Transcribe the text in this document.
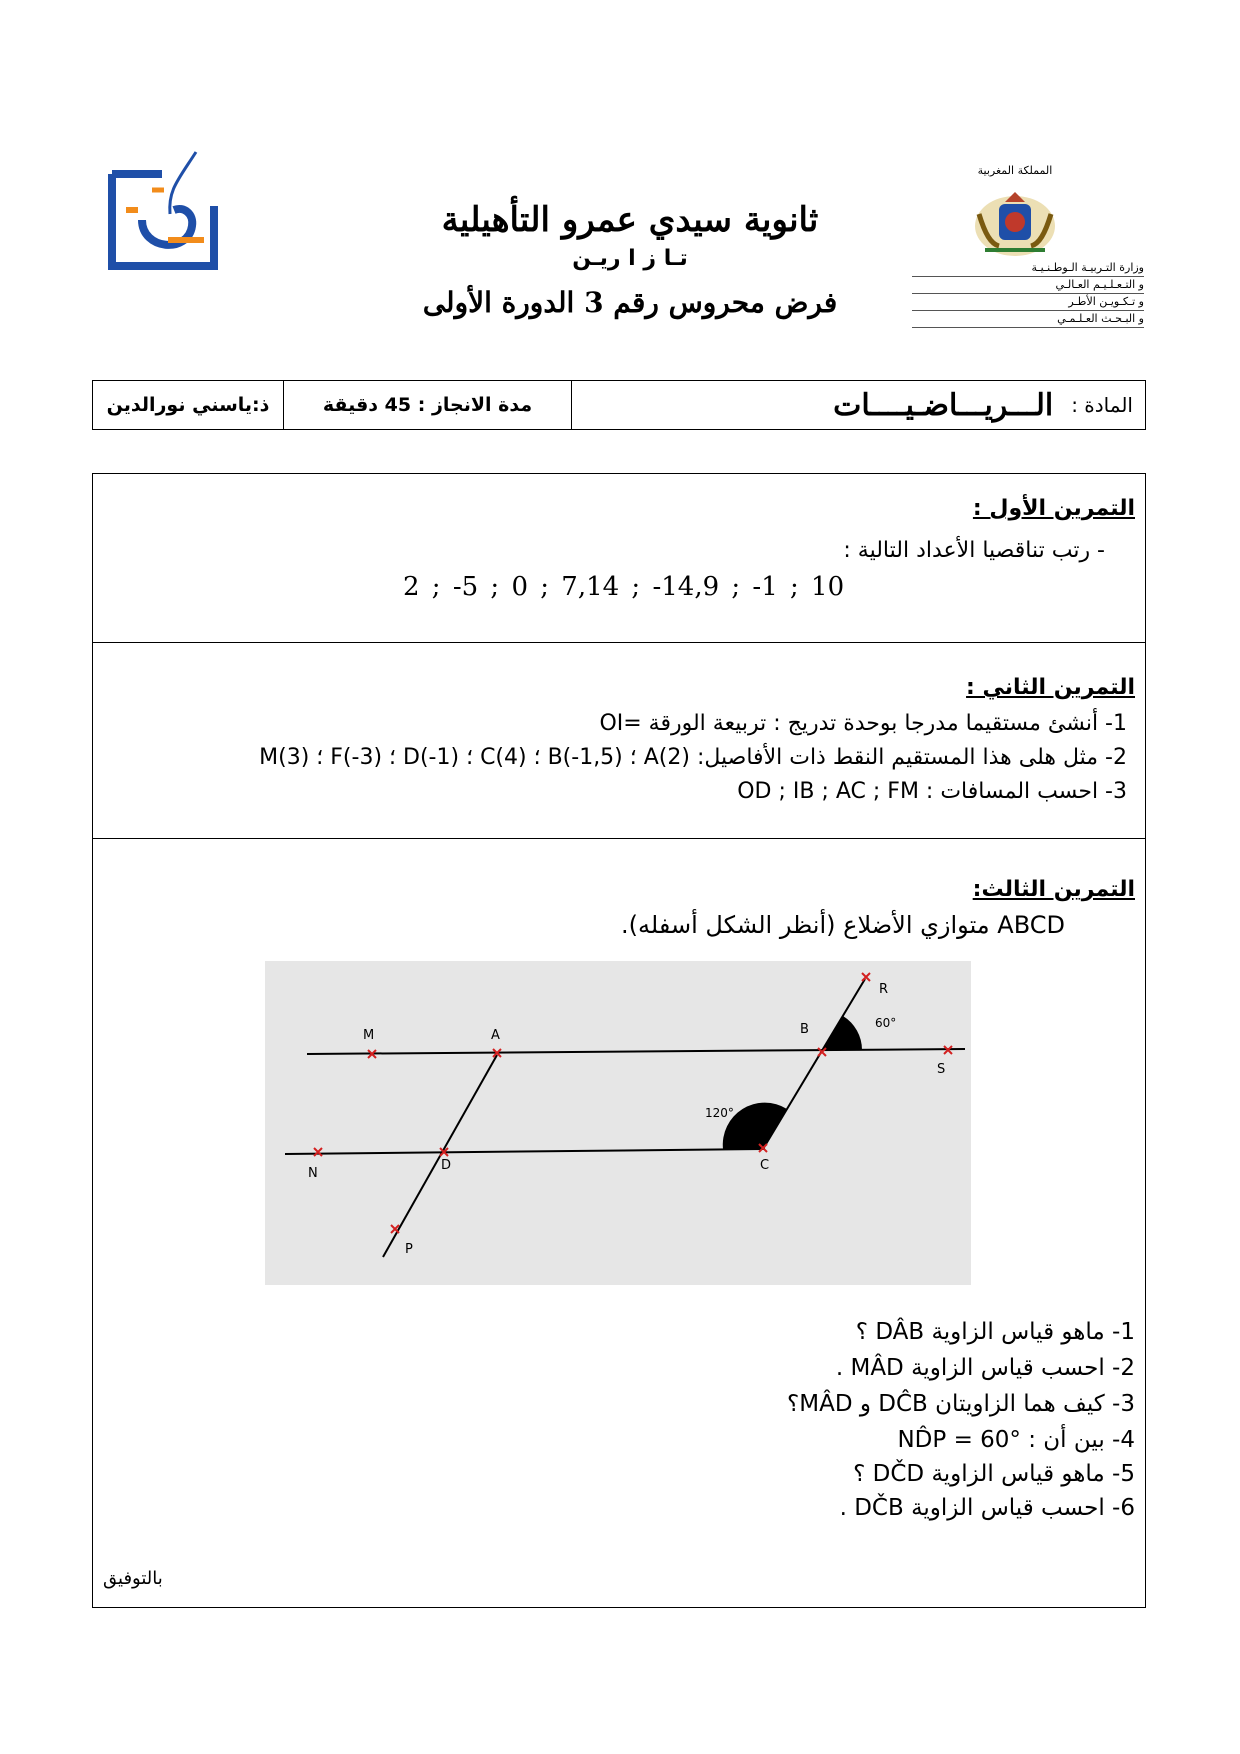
ثانوية سيدي عمرو التأهيلية
تـا ز ا ريـن
فرض محروس رقم 3 الدورة الأولى
المملكة المغربية
وزارة التـربيـة الـوطـنـيـة
و التـعـلـيـم العـالـي
و تـكـويـن الأطـر
و البـحـث العـلـمـي
ذ:ياسني نورالدين	مدة الانجاز : 45 دقيقة	المادة :
الـــريـــاضـيــــات
التمرين الأول :
- رتب تناقصيا الأعداد التالية :
2 ; -5 ; 0 ; 7,14 ; -14,9 ; -1 ; 10
التمرين الثاني :
1- أنشئ مستقيما مدرجا بوحدة تدريج : تربيعة الورقة =OI
2- مثل هلى هذا المستقيم النقط ذات الأفاصيل: A(2) ؛ B(-1,5) ؛ C(4) ؛ D(-1) ؛ F(-3) ؛ M(3)
3- احسب المسافات : OD ; IB ; AC ; FM
التمرين الثالث:
ABCD متوازي الأضلاع (أنظر الشكل أسفله).
R
B
S
M	A
N
D	C
P
60°
120°
1- ماهو قياس الزاوية DÂB ؟
2- احسب قياس الزاوية MÂD .
3- كيف هما الزاويتان DĈB و MÂD؟
4- بين أن : ND̂P = 60°
5- ماهو قياس الزاوية DČD ؟
6- احسب قياس الزاوية DČB .
بالتوفيق
